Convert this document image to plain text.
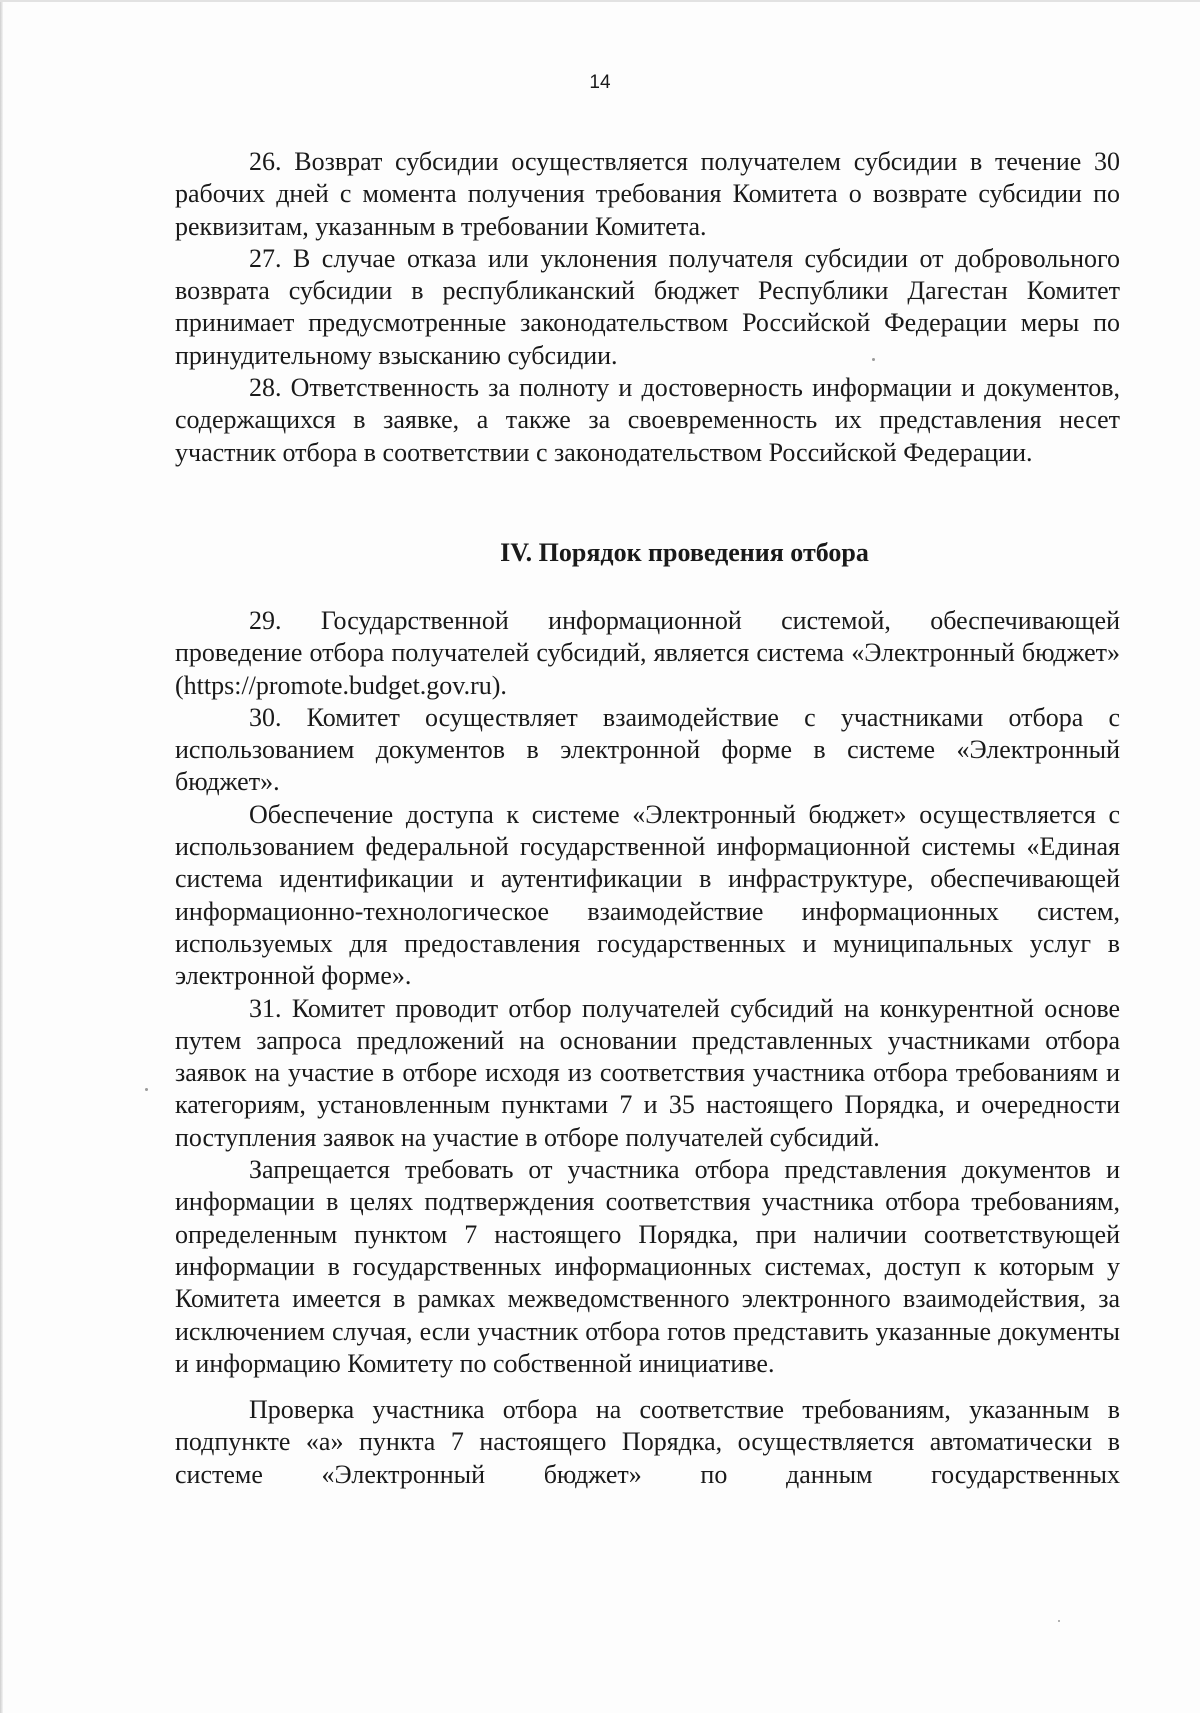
14

26. Возврат субсидии осуществляется получателем субсидии в течение 30 рабочих дней с момента получения требования Комитета о возврате субсидии по реквизитам, указанным в требовании Комитета.

27. В случае отказа или уклонения получателя субсидии от добровольного возврата субсидии в республиканский бюджет Республики Дагестан Комитет принимает предусмотренные законодательством Российской Федерации меры по принудительному взысканию субсидии.

28. Ответственность за полноту и достоверность информации и документов, содержащихся в заявке, а также за своевременность их представления несет участник отбора в соответствии с законодательством Российской Федерации.

IV. Порядок проведения отбора

29. Государственной информационной системой, обеспечивающей проведение отбора получателей субсидий, является система «Электронный бюджет» (https://promote.budget.gov.ru).

30. Комитет осуществляет взаимодействие с участниками отбора с использованием документов в электронной форме в системе «Электронный бюджет».

Обеспечение доступа к системе «Электронный бюджет» осуществляется с использованием федеральной государственной информационной системы «Единая система идентификации и аутентификации в инфраструктуре, обеспечивающей информационно-технологическое взаимодействие информационных систем, используемых для предоставления государственных и муниципальных услуг в электронной форме».

31. Комитет проводит отбор получателей субсидий на конкурентной основе путем запроса предложений на основании представленных участниками отбора заявок на участие в отборе исходя из соответствия участника отбора требованиям и категориям, установленным пунктами 7 и 35 настоящего Порядка, и очередности поступления заявок на участие в отборе получателей субсидий.

Запрещается требовать от участника отбора представления документов и информации в целях подтверждения соответствия участника отбора требованиям, определенным пунктом 7 настоящего Порядка, при наличии соответствующей информации в государственных информационных системах, доступ к которым у Комитета имеется в рамках межведомственного электронного взаимодействия, за исключением случая, если участник отбора готов представить указанные документы и информацию Комитету по собственной инициативе.

Проверка участника отбора на соответствие требованиям, указанным в подпункте «а» пункта 7 настоящего Порядка, осуществляется автоматически в системе «Электронный бюджет» по данным государственных
